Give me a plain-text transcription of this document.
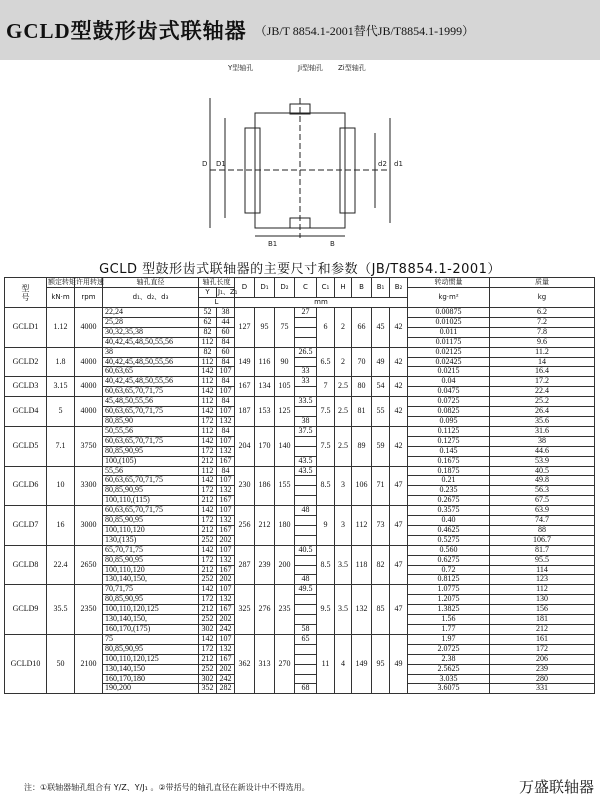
GCLD型鼓形齿式联轴器 （JB/T 8854.1-2001替代JB/T8854.1-1999）
Y型轴孔	Ji型轴孔 Zi型轴孔
D D1	d1
d2
B1	B
GCLD 型鼓形齿式联轴器的主要尺寸和参数（JB/T8854.1-2001）
型
号	额定转矩	许用转速	轴孔直径	轴孔长度		D	D₁	D₂	C	C₁	H	B	B₁	B₂	转动惯量	质量
	kN·m	rpm	d₁、d₂、d₃	Y	J₁、Z₁										kg·m²	kg
				L		mm										
GCLD1	1.12	4000	22,24	52	38	127	95	75	27	6	2	66	45	42	0.00875	6.2
			25,28	62	44										0.01025	7.2
			30,32,35,38	82	60										0.011	7.8
			40,42,45,48,50,55,56	112	84										0.01175	9.6
GCLD2	1.8	4000	38	82	60	149	116	90	26.5	6.5	2	70	49	42	0.02125	11.2
			40,42,45,48,50,55,56	112	84										0.02425	14
			60,63,65	142	107				33						0.0215	16.4
GCLD3	3.15	4000	40,42,45,48,50,55,56	112	84	167	134	105	33	7	2.5	80	54	42	0.04	17.2
			60,63,65,70,71,75	142	107										0.0475	22.4
GCLD4	5	4000	45,48,50,55,56	112	84	187	153	125	33.5	7.5	2.5	81	55	42	0.0725	25.2
			60,63,65,70,71,75	142	107										0.0825	26.4
			80,85,90	172	132				38						0.095	35.6
GCLD5	7.1	3750	50,55,56	112	84	204	170	140	37.5	7.5	2.5	89	59	42	0.1125	31.6
			60,63,65,70,71,75	142	107										0.1275	38
			80,85,90,95	172	132										0.145	44.6
			100,(105)	212	167				43.5						0.1675	53.9
GCLD6	10	3300	55,56	112	84	230	186	155	43.5	8.5	3	106	71	47	0.1875	40.5
			60,63,65,70,71,75	142	107										0.21	49.8
			80,85,90,95	172	132										0.235	56.3
			100,110,(115)	212	167										0.2675	67.5
GCLD7	16	3000	60,63,65,70,71,75	142	107	256	212	180	48	9	3	112	73	47	0.3575	63.9
			80,85,90,95	172	132										0.40	74.7
			100,110,120	212	167										0.4625	88
			130,(135)	252	202										0.5275	106.7
GCLD8	22.4	2650	65,70,71,75	142	107	287	239	200	40.5	8.5	3.5	118	82	47	0.560	81.7
			80,85,90,95	172	132										0.6275	95.5
			100,110,120	212	167										0.72	114
			130,140,150,	252	202				48						0.8125	123
GCLD9	35.5	2350	70,71,75	142	107	325	276	235	49.5	9.5	3.5	132	85	47	1.0775	112
			80,85,90,95	172	132										1.2075	130
			100,110,120,125	212	167										1.3825	156
			130,140,150,	252	202										1.56	181
			160,170,(175)	302	242				58						1.77	212
GCLD10	50	2100	75	142	107	362	313	270	65	11	4	149	95	49	1.97	161
			80,85,90,95	172	132										2.0725	172
			100,110,120,125	212	167										2.38	206
			130,140,150	252	202										2.5625	239
			160,170,180	302	242										3.035	280
			190,200	352	282				68						3.6075	331
注：①联轴器轴孔组合有 Y/Z、Y/J₁ 。②带括号的轴孔直径在新设计中不得选用。	万盛联轴器
